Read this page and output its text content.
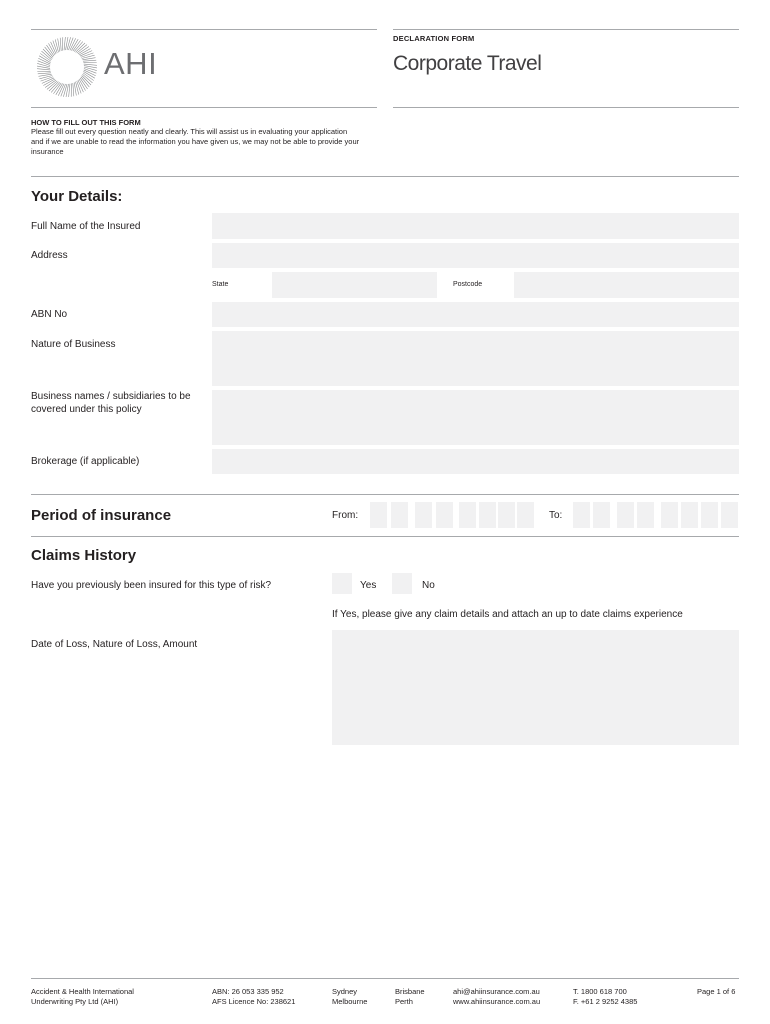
AHI
DECLARATION FORM
Corporate Travel
HOW TO FILL OUT THIS FORM
Please fill out every question neatly and clearly. This will assist us in evaluating your application and if we are unable to read the information you have given us, we may not be able to provide your insurance
Your Details:
Full Name of the Insured
Address
State	Postcode
ABN No
Nature of Business
Business names / subsidiaries to be covered under this policy
Brokerage (if applicable)
Period of insurance	From:	To:
Claims History
Have you previously been insured for this type of risk?	Yes	No
If Yes, please give any claim details and attach an up to date claims experience
Date of Loss, Nature of Loss, Amount
Accident & Health International
Underwriting Pty Ltd (AHI)
ABN: 26 053 335 952
AFS Licence No: 238621
Sydney
Melbourne
Brisbane
Perth
ahi@ahiinsurance.com.au
www.ahiinsurance.com.au
T. 1800 618 700
F. +61 2 9252 4385
Page 1 of 6
